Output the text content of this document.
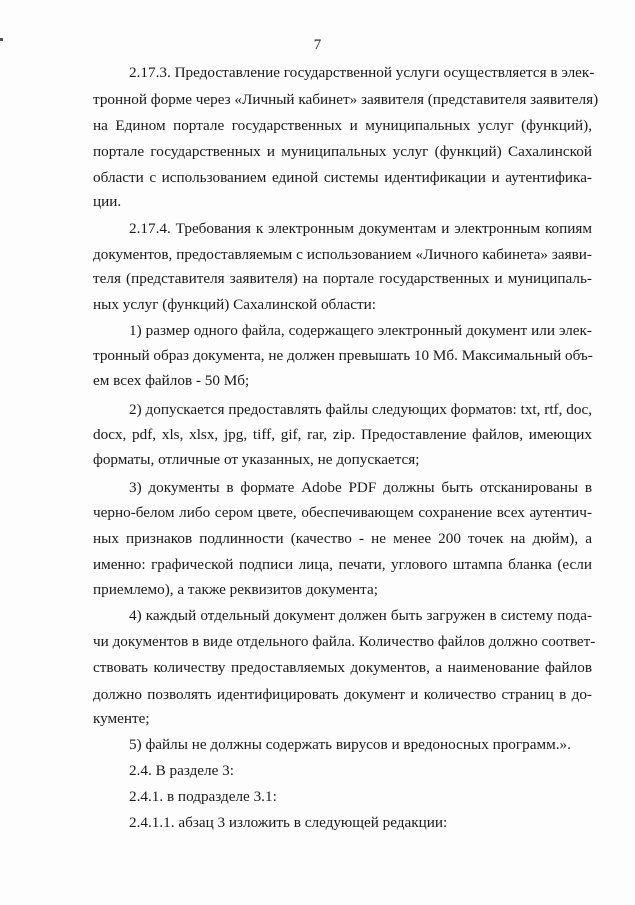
7
2.17.3. Предоставление государственной услуги осуществляется в элек-
тронной форме через «Личный кабинет» заявителя (представителя заявителя)
на Едином портале государственных и муниципальных услуг (функций),
портале государственных и муниципальных услуг (функций) Сахалинской
области с использованием единой системы идентификации и аутентифика-
ции.
2.17.4. Требования к электронным документам и электронным копиям
документов, предоставляемым с использованием «Личного кабинета» заяви-
теля (представителя заявителя) на портале государственных и муниципаль-
ных услуг (функций) Сахалинской области:
1) размер одного файла, содержащего электронный документ или элек-
тронный образ документа, не должен превышать 10 Мб. Максимальный объ-
ем всех файлов - 50 Мб;
2) допускается предоставлять файлы следующих форматов: txt, rtf, doc,
docx, pdf, xls, xlsx, jpg, tiff, gif, rar, zip. Предоставление файлов, имеющих
форматы, отличные от указанных, не допускается;
3) документы в формате Adobe PDF должны быть отсканированы в
черно-белом либо сером цвете, обеспечивающем сохранение всех аутентич-
ных признаков подлинности (качество - не менее 200 точек на дюйм), а
именно: графической подписи лица, печати, углового штампа бланка (если
приемлемо), а также реквизитов документа;
4) каждый отдельный документ должен быть загружен в систему пода-
чи документов в виде отдельного файла. Количество файлов должно соответ-
ствовать количеству предоставляемых документов, а наименование файлов
должно позволять идентифицировать документ и количество страниц в до-
кументе;
5) файлы не должны содержать вирусов и вредоносных программ.».
2.4. В разделе 3:
2.4.1. в подразделе 3.1:
2.4.1.1. абзац 3 изложить в следующей редакции:
